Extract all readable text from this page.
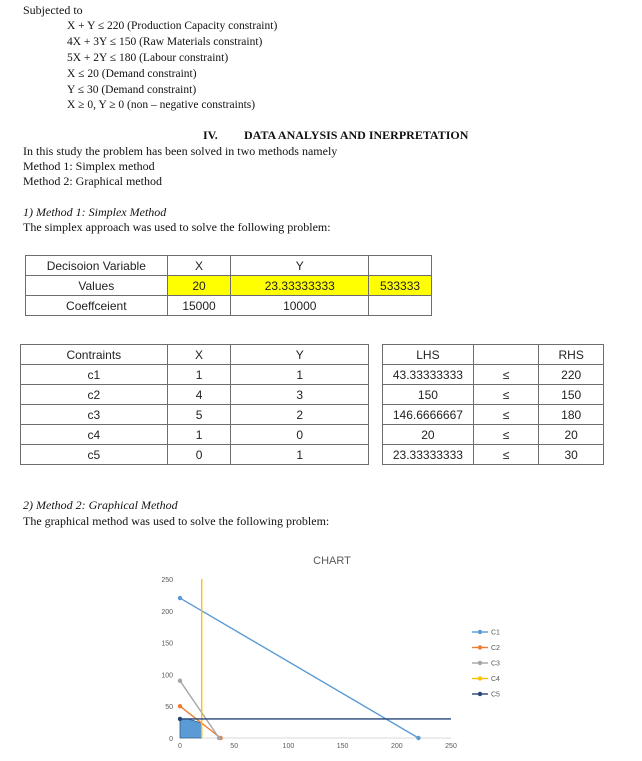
Subjected to
X + Y ≤ 220 (Production Capacity constraint)
4X + 3Y ≤ 150 (Raw Materials constraint)
5X + 2Y ≤ 180 (Labour constraint)
X ≤ 20 (Demand constraint)
Y ≤ 30 (Demand constraint)
X ≥ 0, Y ≥ 0 (non – negative constraints)
IV. DATA ANALYSIS AND INERPRETATION
In this study the problem has been solved in two methods namely
Method 1: Simplex method
Method 2: Graphical method
1) Method 1: Simplex Method
The simplex approach was used to solve the following problem:
Decisoion Variable	X	Y	
Values	20	23.33333333	533333
Coeffceient	15000	10000	
Contraints	X	Y
c1	1	1
c2	4	3
c3	5	2
c4	1	0
c5	0	1
LHS		RHS
43.33333333	≤	220
150	≤	150
146.6666667	≤	180
20	≤	20
23.33333333	≤	30
2) Method 2: Graphical Method
The graphical method was used to solve the following problem:
CHART
0
50
100
150
200
250
0	50	100	150	200	250
C1
C2
C3
C4
C5
